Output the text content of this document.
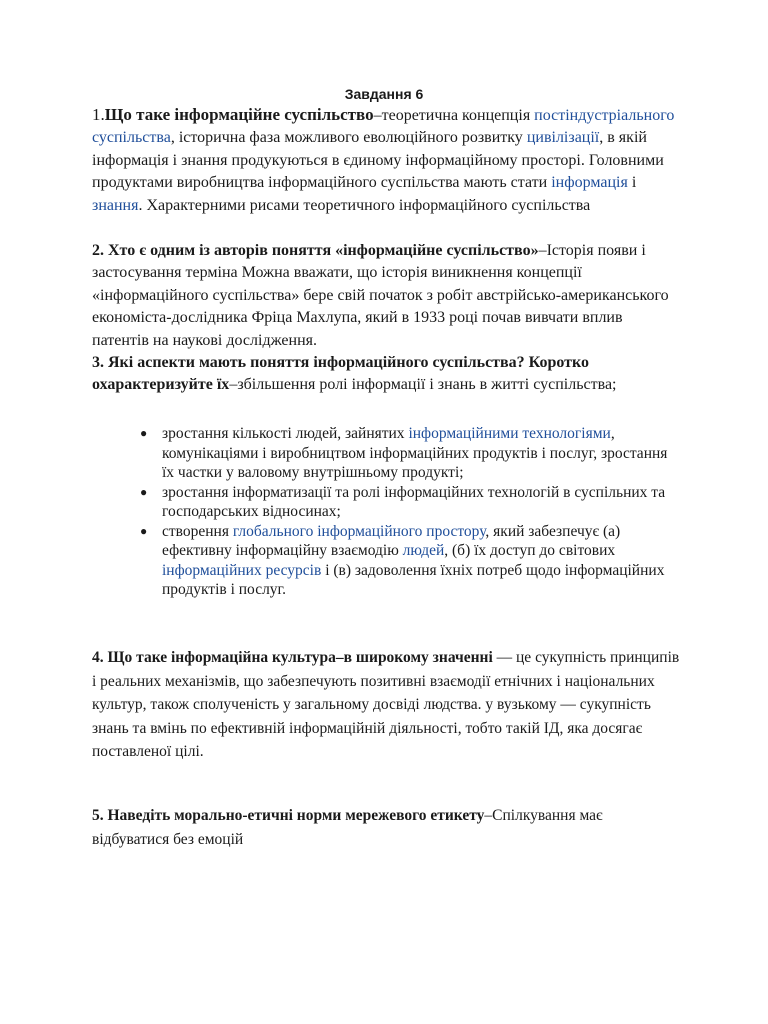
Завдання 6
1.Що таке інформаційне суспільство–теоретична концепція постіндустріального суспільства, історична фаза можливого еволюційного розвитку цивілізації, в якій інформація і знання продукуються в єдиному інформаційному просторі. Головними продуктами виробництва інформаційного суспільства мають стати інформація і знання. Характерними рисами теоретичного інформаційного суспільства
2. Хто є одним із авторів поняття «інформаційне суспільство»–Історія появи і застосування терміна Можна вважати, що історія виникнення концепції «інформаційного суспільства» бере свій початок з робіт австрійсько-американського економіста-дослідника Фріца Махлупа, який в 1933 році почав вивчати вплив патентів на наукові дослідження.
3. Які аспекти мають поняття інформаційного суспільства? Коротко охарактеризуйте їх–збільшення ролі інформації і знань в житті суспільства;
● зростання кількості людей, зайнятих інформаційними технологіями, комунікаціями і виробництвом інформаційних продуктів і послуг, зростання їх частки у валовому внутрішньому продукті;
● зростання інформатизації та ролі інформаційних технологій в суспільних та господарських відносинах;
● створення глобального інформаційного простору, який забезпечує (а) ефективну інформаційну взаємодію людей, (б) їх доступ до світових інформаційних ресурсів і (в) задоволення їхніх потреб щодо інформаційних продуктів і послуг.
4. Що таке інформаційна культура–в широкому значенні — це сукупність принципів і реальних механізмів, що забезпечують позитивні взаємодії етнічних і національних культур, також сполученість у загальному досвіді людства. у вузькому — сукупність знань та вмінь по ефективній інформаційній діяльності, тобто такій ІД, яка досягає поставленої цілі.
5. Наведіть морально-етичні норми мережевого етикету–Спілкування має відбуватися без емоцій
